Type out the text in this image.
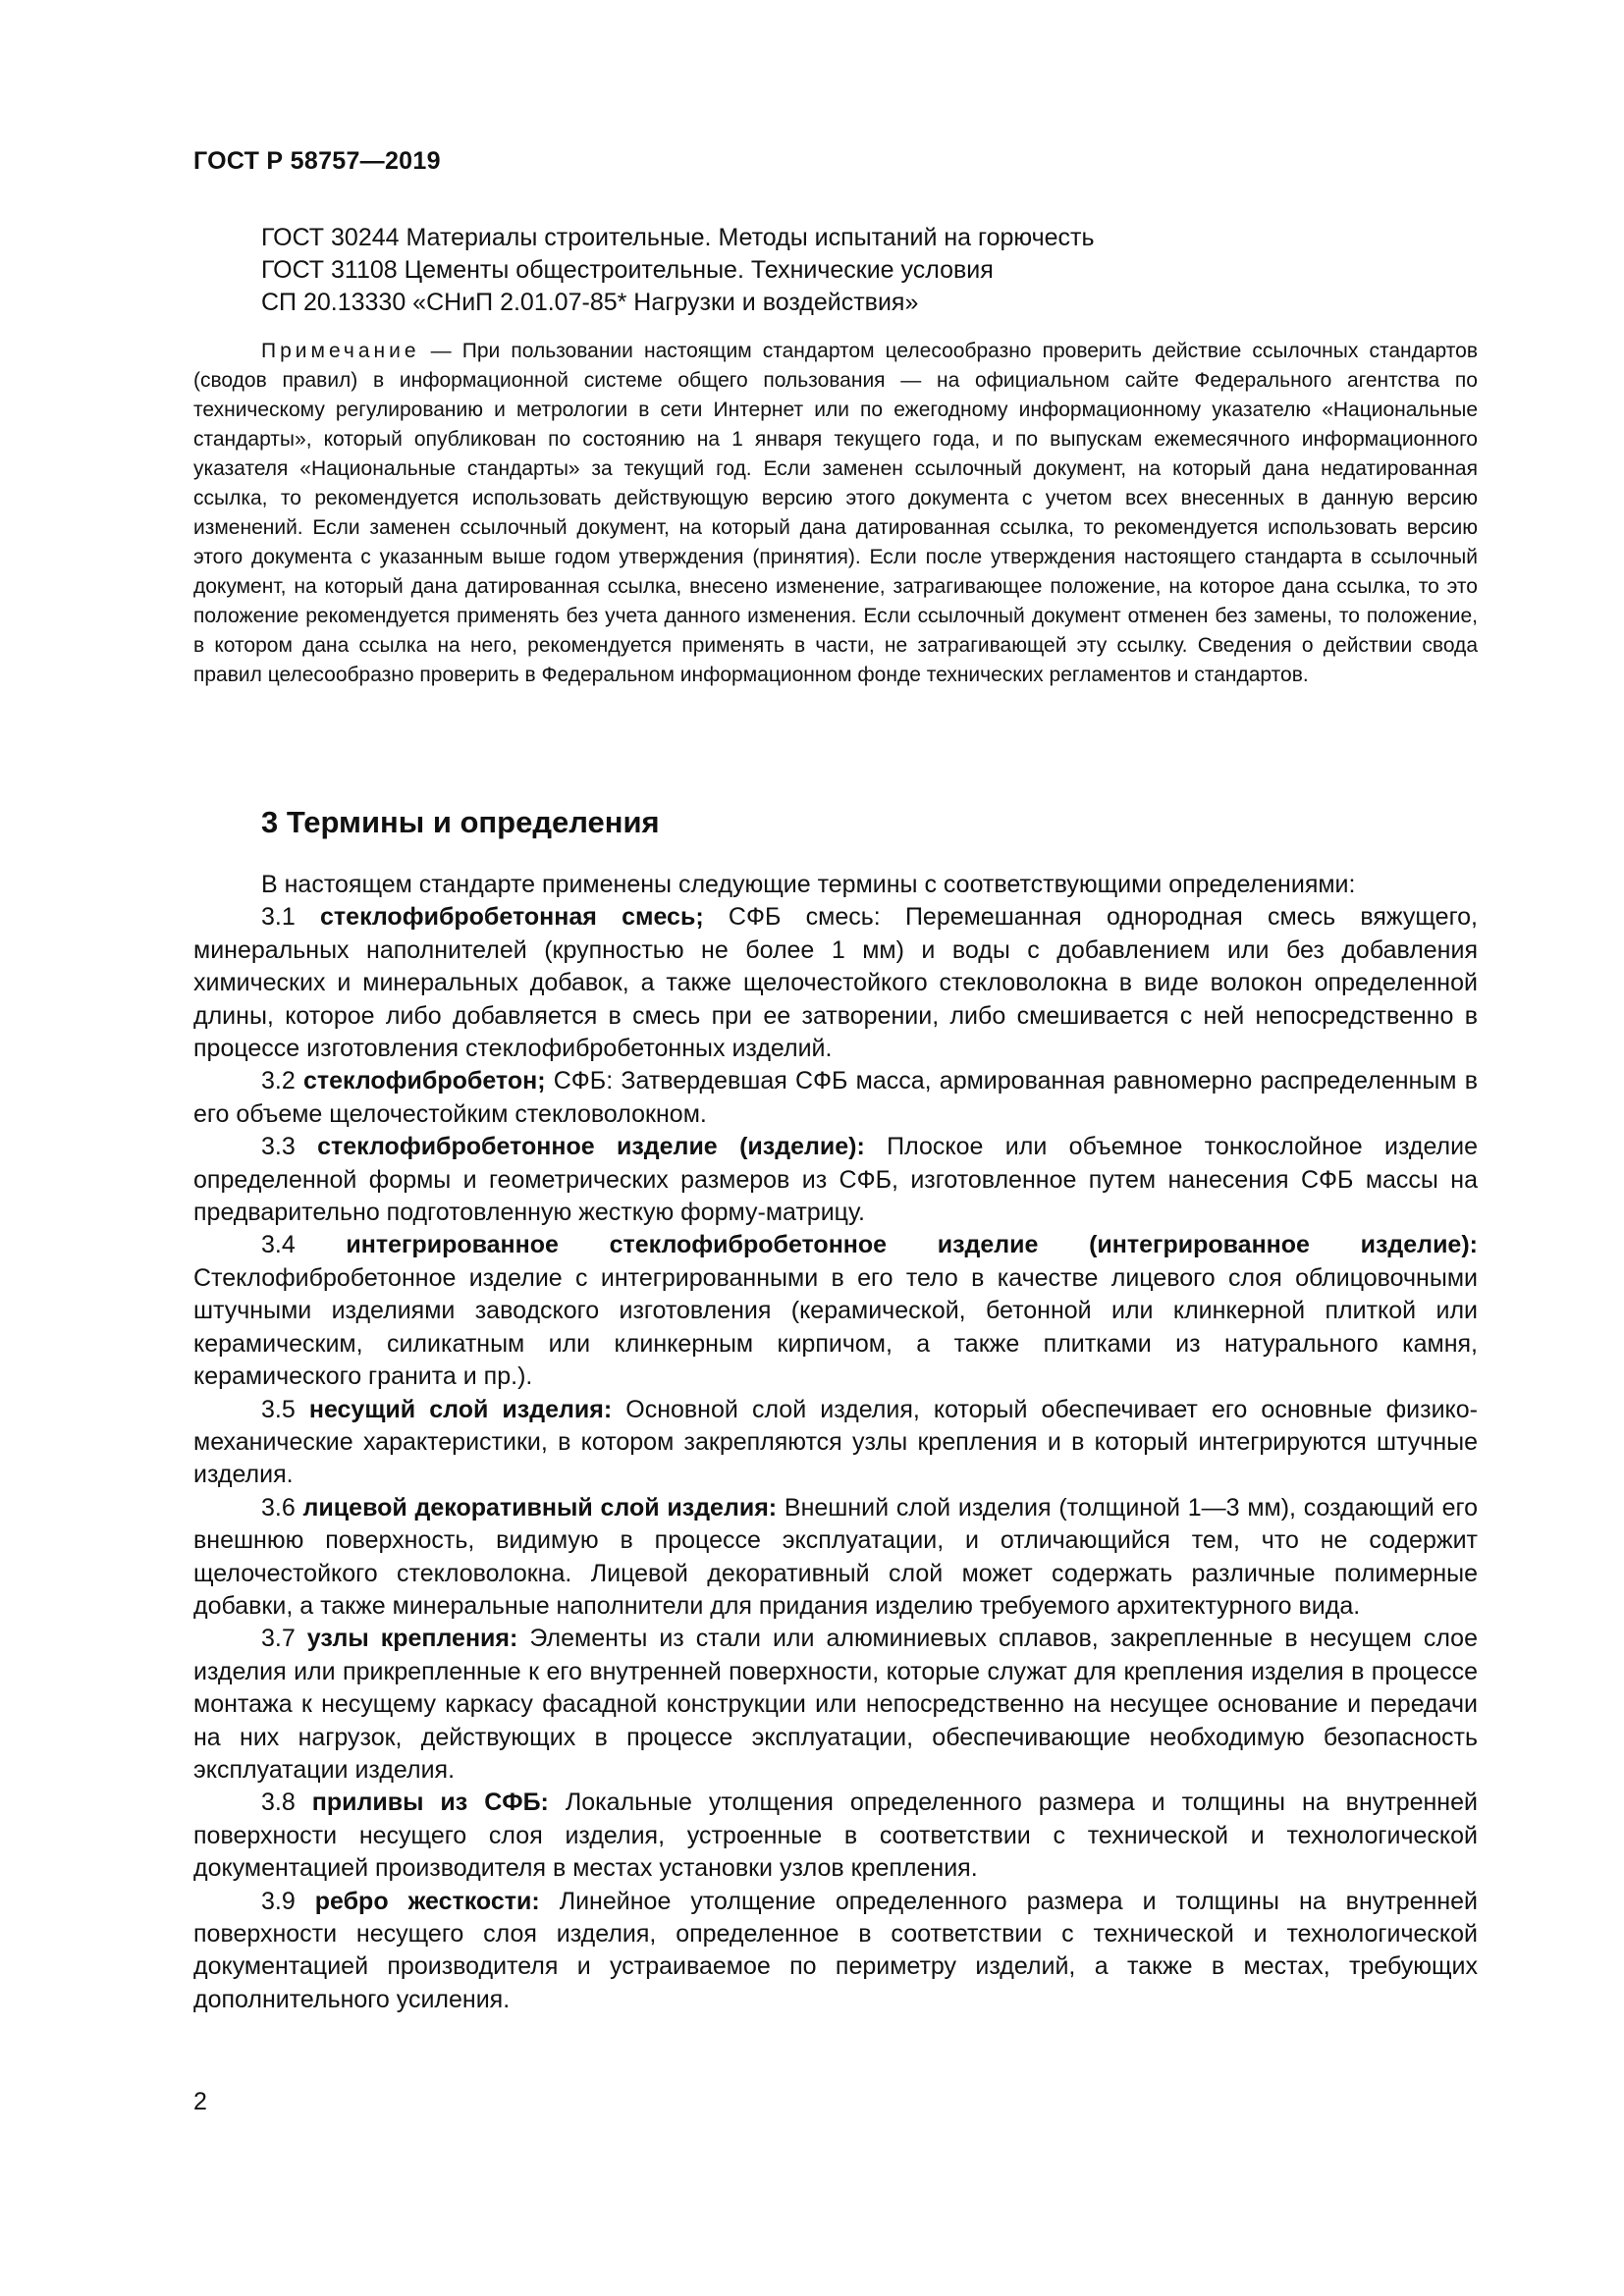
ГОСТ Р 58757—2019
ГОСТ 30244 Материалы строительные. Методы испытаний на горючесть
ГОСТ 31108 Цементы общестроительные. Технические условия
СП 20.13330 «СНиП 2.01.07-85* Нагрузки и воздействия»
Примечание — При пользовании настоящим стандартом целесообразно проверить действие ссылочных стандартов (сводов правил) в информационной системе общего пользования — на официальном сайте Федерального агентства по техническому регулированию и метрологии в сети Интернет или по ежегодному информационному указателю «Национальные стандарты», который опубликован по состоянию на 1 января текущего года, и по выпускам ежемесячного информационного указателя «Национальные стандарты» за текущий год. Если заменен ссылочный документ, на который дана недатированная ссылка, то рекомендуется использовать действующую версию этого документа с учетом всех внесенных в данную версию изменений. Если заменен ссылочный документ, на который дана датированная ссылка, то рекомендуется использовать версию этого документа с указанным выше годом утверждения (принятия). Если после утверждения настоящего стандарта в ссылочный документ, на который дана датированная ссылка, внесено изменение, затрагивающее положение, на которое дана ссылка, то это положение рекомендуется применять без учета данного изменения. Если ссылочный документ отменен без замены, то положение, в котором дана ссылка на него, рекомендуется применять в части, не затрагивающей эту ссылку. Сведения о действии свода правил целесообразно проверить в Федеральном информационном фонде технических регламентов и стандартов.
3 Термины и определения

В настоящем стандарте применены следующие термины с соответствующими определениями:

3.1 стеклофибробетонная смесь; СФБ смесь: Перемешанная однородная смесь вяжущего, минеральных наполнителей (крупностью не более 1 мм) и воды с добавлением или без добавления химических и минеральных добавок, а также щелочестойкого стекловолокна в виде волокон определенной длины, которое либо добавляется в смесь при ее затворении, либо смешивается с ней непосредственно в процессе изготовления стеклофибробетонных изделий.

3.2 стеклофибробетон; СФБ: Затвердевшая СФБ масса, армированная равномерно распределенным в его объеме щелочестойким стекловолокном.

3.3 стеклофибробетонное изделие (изделие): Плоское или объемное тонкослойное изделие определенной формы и геометрических размеров из СФБ, изготовленное путем нанесения СФБ массы на предварительно подготовленную жесткую форму-матрицу.

3.4 интегрированное стеклофибробетонное изделие (интегрированное изделие): Стеклофибробетонное изделие с интегрированными в его тело в качестве лицевого слоя облицовочными штучными изделиями заводского изготовления (керамической, бетонной или клинкерной плиткой или керамическим, силикатным или клинкерным кирпичом, а также плитками из натурального камня, керамического гранита и пр.).

3.5 несущий слой изделия: Основной слой изделия, который обеспечивает его основные физико-механические характеристики, в котором закрепляются узлы крепления и в который интегрируются штучные изделия.

3.6 лицевой декоративный слой изделия: Внешний слой изделия (толщиной 1—3 мм), создающий его внешнюю поверхность, видимую в процессе эксплуатации, и отличающийся тем, что не содержит щелочестойкого стекловолокна. Лицевой декоративный слой может содержать различные полимерные добавки, а также минеральные наполнители для придания изделию требуемого архитектурного вида.

3.7 узлы крепления: Элементы из стали или алюминиевых сплавов, закрепленные в несущем слое изделия или прикрепленные к его внутренней поверхности, которые служат для крепления изделия в процессе монтажа к несущему каркасу фасадной конструкции или непосредственно на несущее основание и передачи на них нагрузок, действующих в процессе эксплуатации, обеспечивающие необходимую безопасность эксплуатации изделия.

3.8 приливы из СФБ: Локальные утолщения определенного размера и толщины на внутренней поверхности несущего слоя изделия, устроенные в соответствии с технической и технологической документацией производителя в местах установки узлов крепления.

3.9 ребро жесткости: Линейное утолщение определенного размера и толщины на внутренней поверхности несущего слоя изделия, определенное в соответствии с технической и технологической документацией производителя и устраиваемое по периметру изделий, а также в местах, требующих дополнительного усиления.

2
